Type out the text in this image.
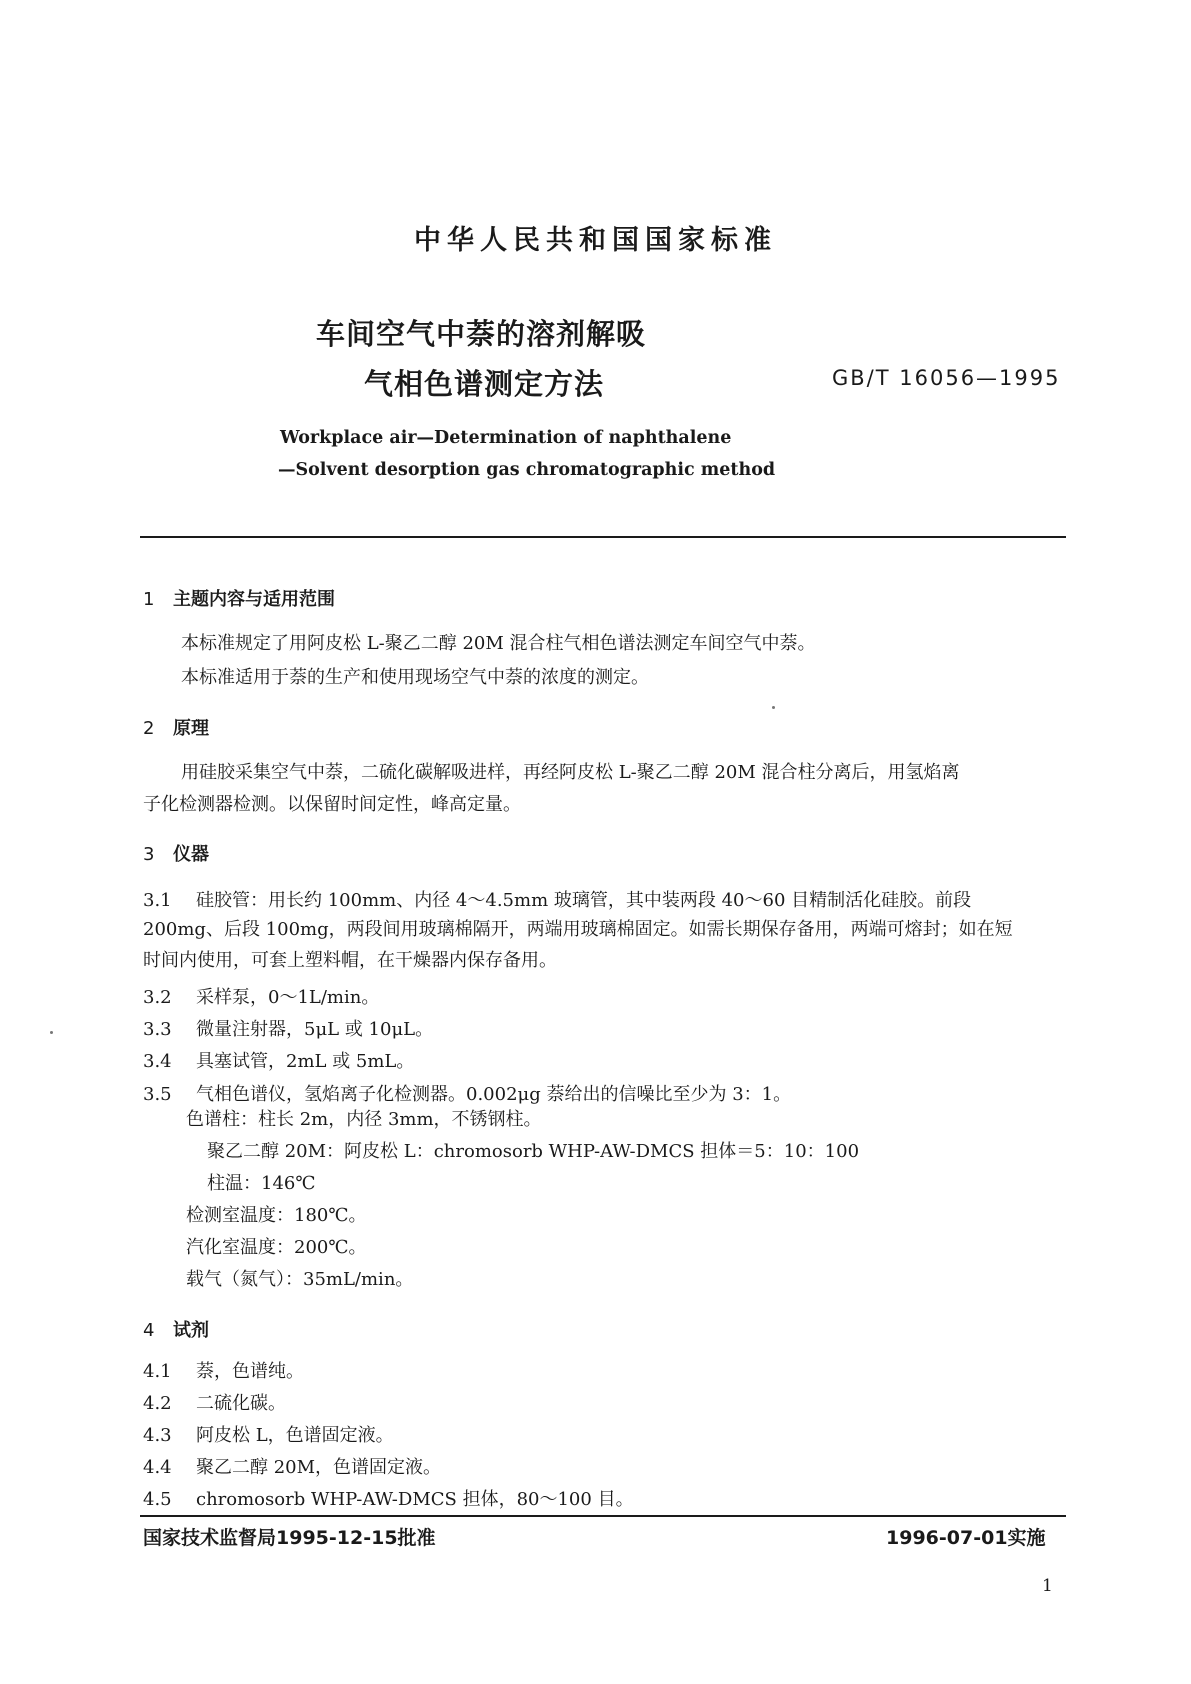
中华人民共和国国家标准
车间空气中萘的溶剂解吸
气相色谱测定方法	GB/T 16056—1995
Workplace air—Determination of naphthalene
—Solvent desorption gas chromatographic method
1 主题内容与适用范围
本标准规定了用阿皮松 L-聚乙二醇 20M 混合柱气相色谱法测定车间空气中萘。
本标准适用于萘的生产和使用现场空气中萘的浓度的测定。
2 原理
用硅胶采集空气中萘，二硫化碳解吸进样，再经阿皮松 L-聚乙二醇 20M 混合柱分离后，用氢焰离
子化检测器检测。以保留时间定性，峰高定量。
3 仪器
3.1 硅胶管：用长约 100mm、内径 4～4.5mm 玻璃管，其中装两段 40～60 目精制活化硅胶。前段
200mg、后段 100mg，两段间用玻璃棉隔开，两端用玻璃棉固定。如需长期保存备用，两端可熔封；如在短
时间内使用，可套上塑料帽，在干燥器内保存备用。
3.2 采样泵，0～1L/min。
3.3 微量注射器，5μL 或 10μL。
3.4 具塞试管，2mL 或 5mL。
3.5 气相色谱仪，氢焰离子化检测器。0.002μg 萘给出的信噪比至少为 3：1。
色谱柱：柱长 2m，内径 3mm，不锈钢柱。
聚乙二醇 20M：阿皮松 L：chromosorb WHP-AW-DMCS 担体＝5：10：100
柱温：146℃
检测室温度：180℃。
汽化室温度：200℃。
载气（氮气）：35mL/min。
4 试剂
4.1 萘，色谱纯。
4.2 二硫化碳。
4.3 阿皮松 L，色谱固定液。
4.4 聚乙二醇 20M，色谱固定液。
4.5 chromosorb WHP-AW-DMCS 担体，80～100 目。
国家技术监督局1995-12-15批准	1996-07-01实施
1
